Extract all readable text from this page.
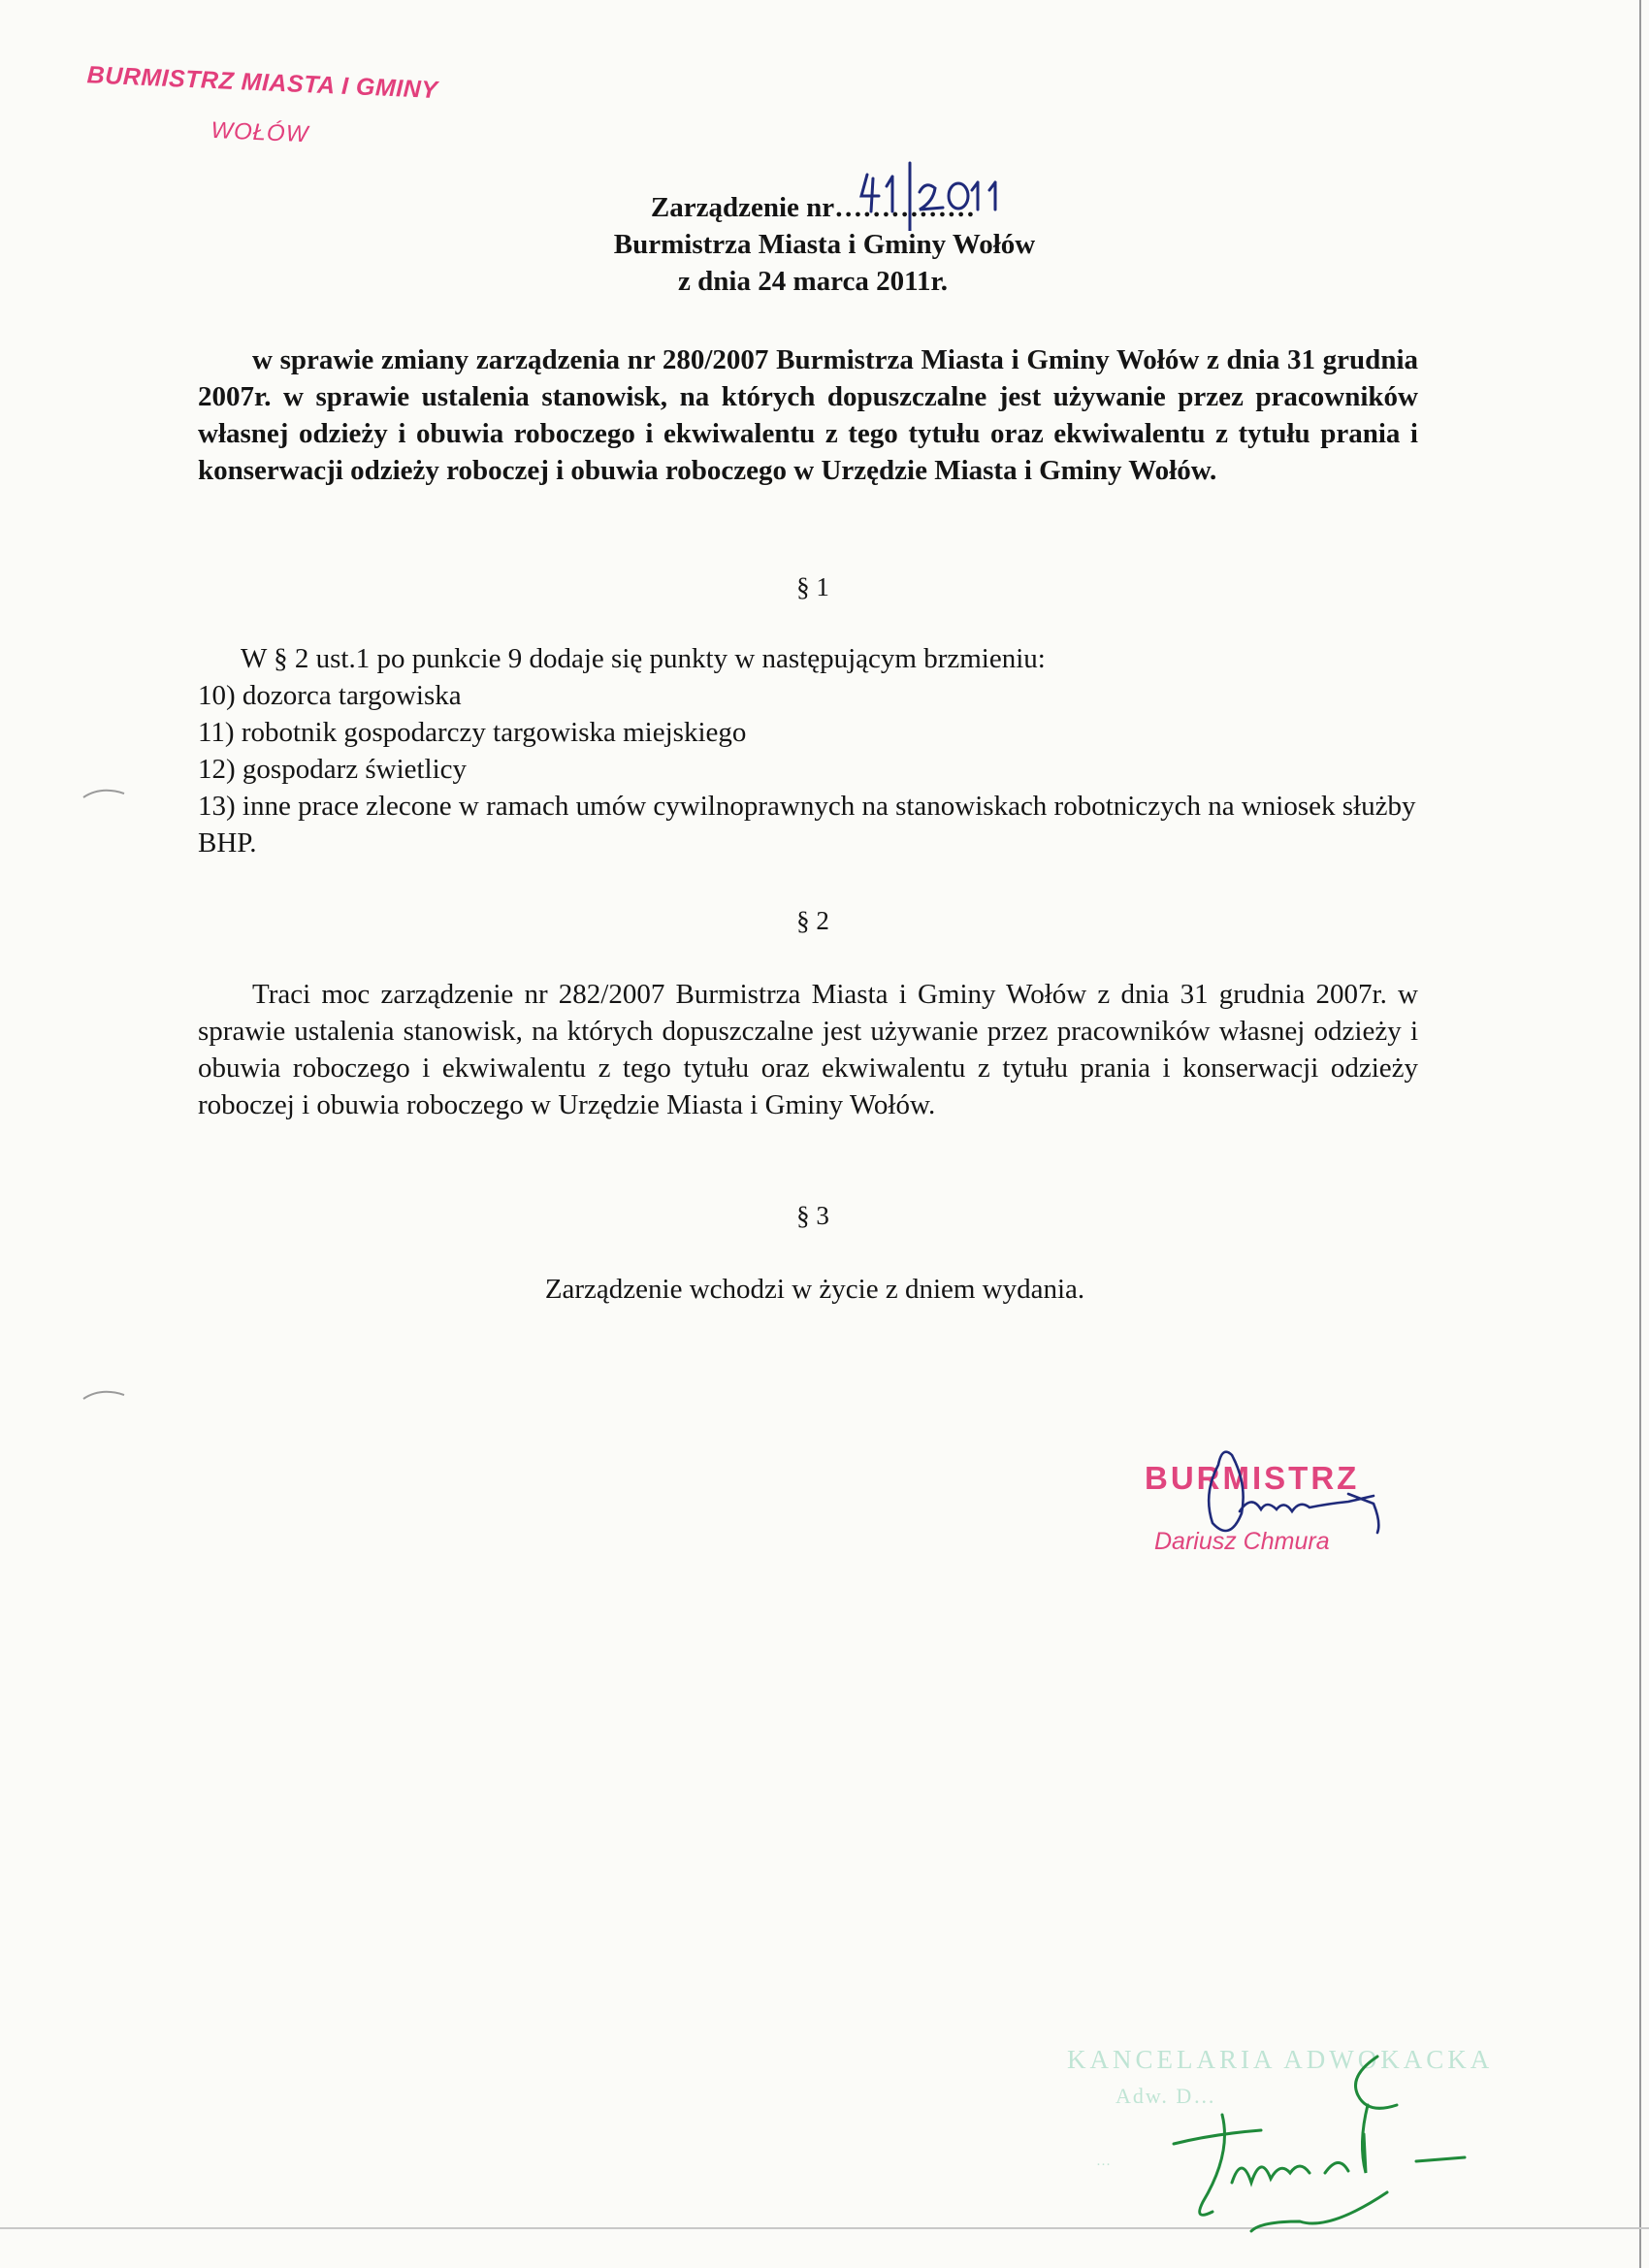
BURMISTRZ MIASTA I GMINY
WOŁÓW
Zarządzenie nr……………
Burmistrza Miasta i Gminy Wołów
z dnia 24 marca 2011r.
w sprawie zmiany zarządzenia nr 280/2007 Burmistrza Miasta i Gminy Wołów z dnia 31 grudnia 2007r. w sprawie ustalenia stanowisk, na których dopuszczalne jest używanie przez pracowników własnej odzieży i obuwia roboczego i ekwiwalentu z tego tytułu oraz ekwiwalentu z tytułu prania i konserwacji odzieży roboczej i obuwia roboczego w Urzędzie Miasta i Gminy Wołów.
§ 1
W § 2 ust.1 po punkcie 9 dodaje się punkty w następującym brzmieniu:
10) dozorca targowiska
11) robotnik gospodarczy targowiska miejskiego
12) gospodarz świetlicy
13) inne prace zlecone w ramach umów cywilnoprawnych na stanowiskach robotniczych na wniosek służby BHP.
§ 2
Traci moc zarządzenie nr 282/2007 Burmistrza Miasta i Gminy Wołów z dnia 31 grudnia 2007r. w sprawie ustalenia stanowisk, na których dopuszczalne jest używanie przez pracowników własnej odzieży i obuwia roboczego i ekwiwalentu z tego tytułu oraz ekwiwalentu z tytułu prania i konserwacji odzieży roboczej i obuwia roboczego w Urzędzie Miasta i Gminy Wołów.
§ 3
Zarządzenie wchodzi w życie z dniem wydania.
BURMISTRZ
Dariusz Chmura
KANCELARIA ADWOKACKA
Adw. D…
…
